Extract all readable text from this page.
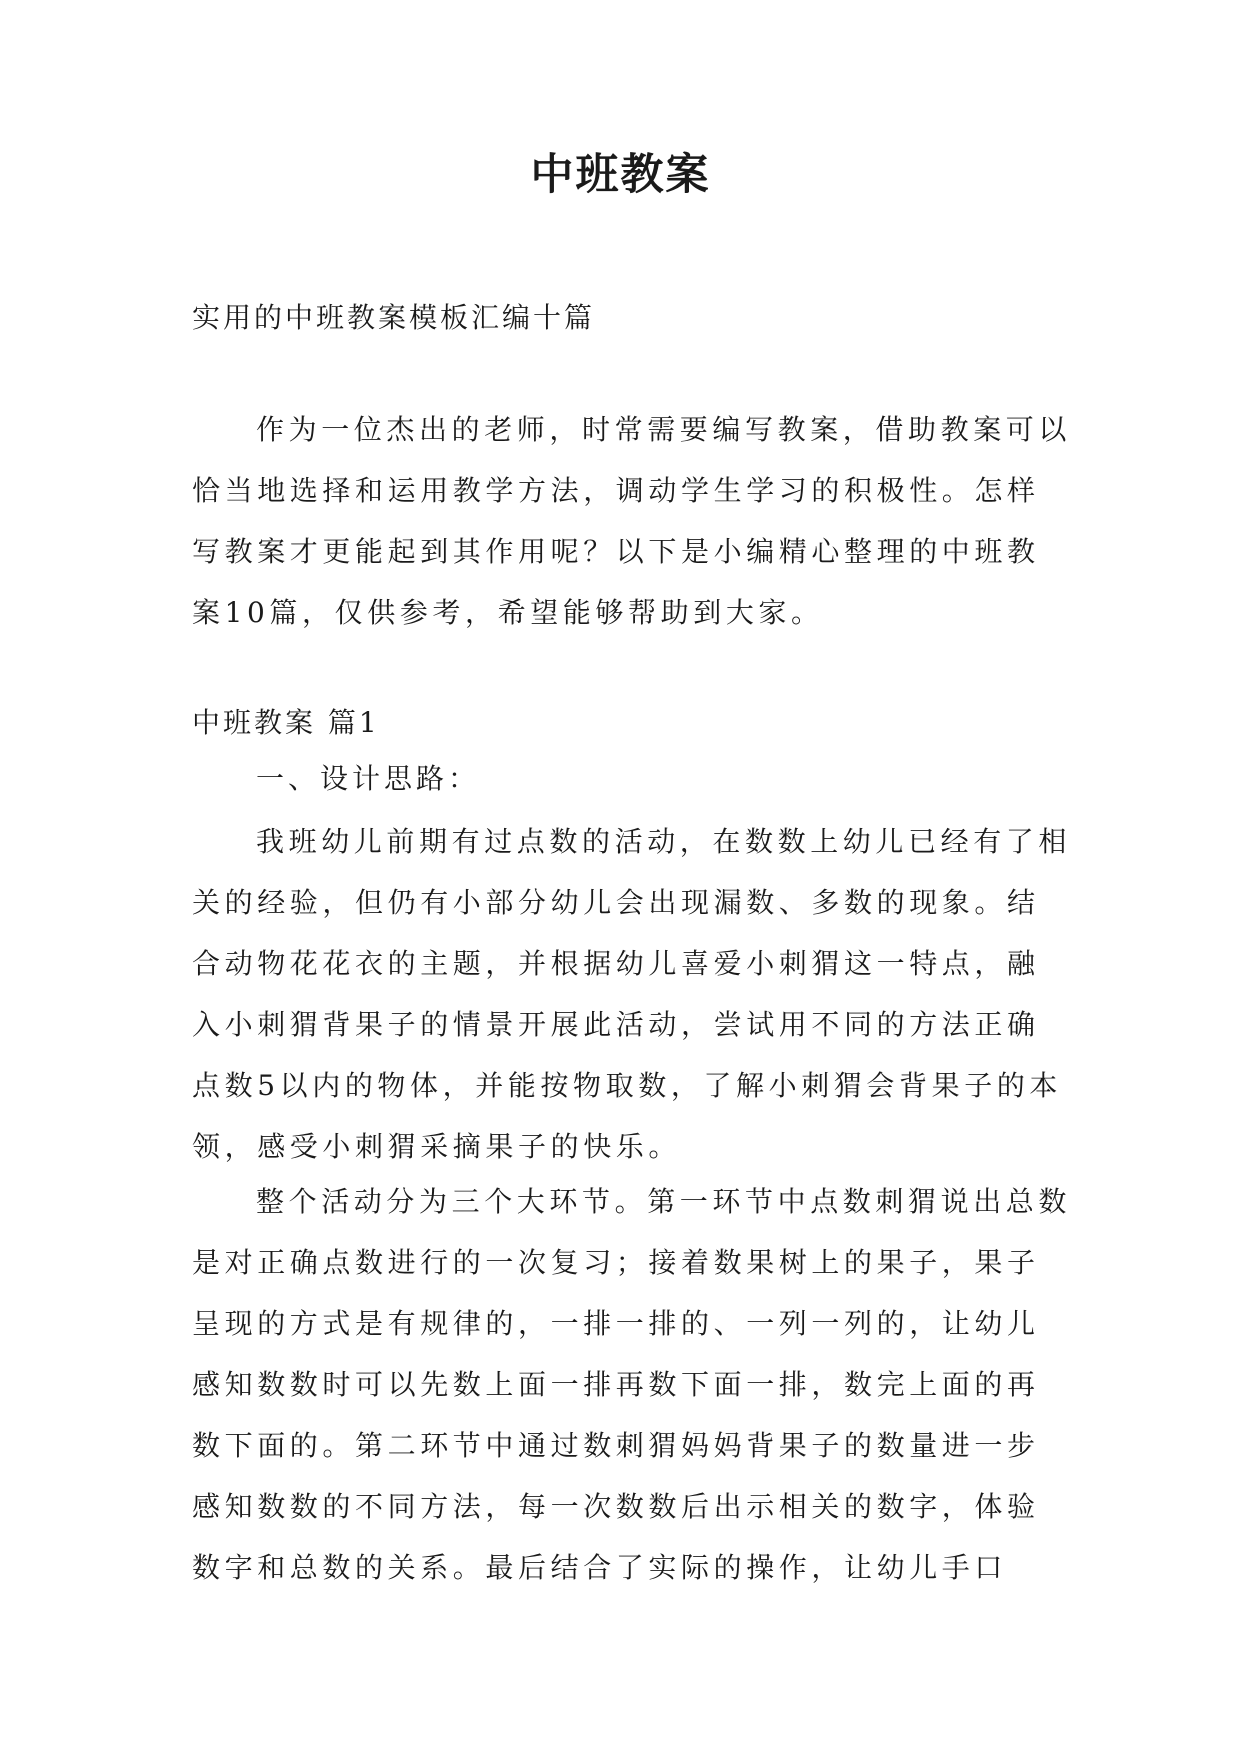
中班教案
实用的中班教案模板汇编十篇

作为一位杰出的老师，时常需要编写教案，借助教案可以恰当地选择和运用教学方法，调动学生学习的积极性。怎样写教案才更能起到其作用呢？以下是小编精心整理的中班教案10篇，仅供参考，希望能够帮助到大家。

中班教案 篇1
一、设计思路：

我班幼儿前期有过点数的活动，在数数上幼儿已经有了相关的经验，但仍有小部分幼儿会出现漏数、多数的现象。结合动物花花衣的主题，并根据幼儿喜爱小刺猬这一特点，融入小刺猬背果子的情景开展此活动，尝试用不同的方法正确点数5以内的物体，并能按物取数，了解小刺猬会背果子的本领，感受小刺猬采摘果子的快乐。

整个活动分为三个大环节。第一环节中点数刺猬说出总数是对正确点数进行的一次复习；接着数果树上的果子，果子呈现的方式是有规律的，一排一排的、一列一列的，让幼儿感知数数时可以先数上面一排再数下面一排，数完上面的再数下面的。第二环节中通过数刺猬妈妈背果子的数量进一步感知数数的不同方法，每一次数数后出示相关的数字，体验数字和总数的关系。最后结合了实际的操作，让幼儿手口
